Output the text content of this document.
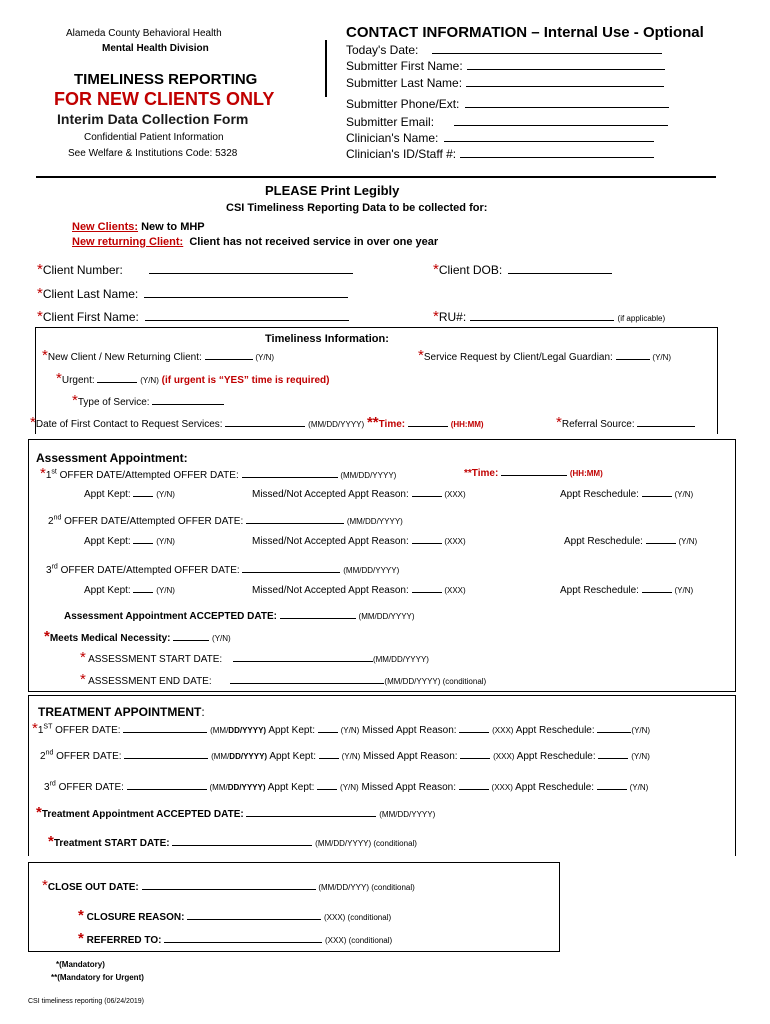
Alameda County Behavioral Health
Mental Health Division
TIMELINESS REPORTING
FOR NEW CLIENTS ONLY
Interim Data Collection Form
Confidential Patient Information
See Welfare & Institutions Code: 5328
CONTACT INFORMATION – Internal Use - Optional
Today's Date:
Submitter First Name:
Submitter Last Name:
Submitter Phone/Ext:
Submitter Email:
Clinician's Name:
Clinician's ID/Staff #:
PLEASE Print Legibly
CSI Timeliness Reporting Data to be collected for:
New Clients: New to MHP
New returning Client: Client has not received service in over one year
*Client Number:	*Client DOB:
*Client Last Name:
*Client First Name:	*RU#:	(if applicable)
Timeliness Information:
*New Client / New Returning Client:	(Y/N)	*Service Request by Client/Legal Guardian:	(Y/N)
*Urgent:	(Y/N) (if urgent is “YES” time is required)
*Type of Service:
*Date of First Contact to Request Services:	(MM/DD/YYYY) **Time:	(HH:MM)	*Referral Source:
Assessment Appointment:
*1st OFFER DATE/Attempted OFFER DATE:	(MM/DD/YYYY)	**Time:	(HH:MM)
Appt Kept:	(Y/N)	Missed/Not Accepted Appt Reason:	(XXX)	Appt Reschedule:	(Y/N)
2nd OFFER DATE/Attempted OFFER DATE:	(MM/DD/YYYY)
Appt Kept:	(Y/N)	Missed/Not Accepted Appt Reason:	(XXX)	Appt Reschedule:	(Y/N)
3rd OFFER DATE/Attempted OFFER DATE:	(MM/DD/YYYY)
Appt Kept:	(Y/N)	Missed/Not Accepted Appt Reason:	(XXX)	Appt Reschedule:	(Y/N)
Assessment Appointment ACCEPTED DATE:	(MM/DD/YYYY)
*Meets Medical Necessity:	(Y/N)
* ASSESSMENT START DATE:	(MM/DD/YYYY)
* ASSESSMENT END DATE:	(MM/DD/YYYY) (conditional)
TREATMENT APPOINTMENT:
*1ST OFFER DATE:	(MM/DD/YYYY) Appt Kept:	(Y/N) Missed Appt Reason:	(XXX) Appt Reschedule:	(Y/N)
2nd OFFER DATE:	(MM/DD/YYYY) Appt Kept:	(Y/N) Missed Appt Reason:	(XXX) Appt Reschedule:	(Y/N)
3rd OFFER DATE:	(MM/DD/YYYY) Appt Kept:	(Y/N) Missed Appt Reason:	(XXX) Appt Reschedule:	(Y/N)
*Treatment Appointment ACCEPTED DATE:	(MM/DD/YYYY)
*Treatment START DATE:	(MM/DD/YYYY) (conditional)
*CLOSE OUT DATE:	(MM/DD/YYY) (conditional)
* CLOSURE REASON:	(XXX) (conditional)
* REFERRED TO:	(XXX) (conditional)
*(Mandatory)
**(Mandatory for Urgent)
CSI timeliness reporting (06/24/2019)
